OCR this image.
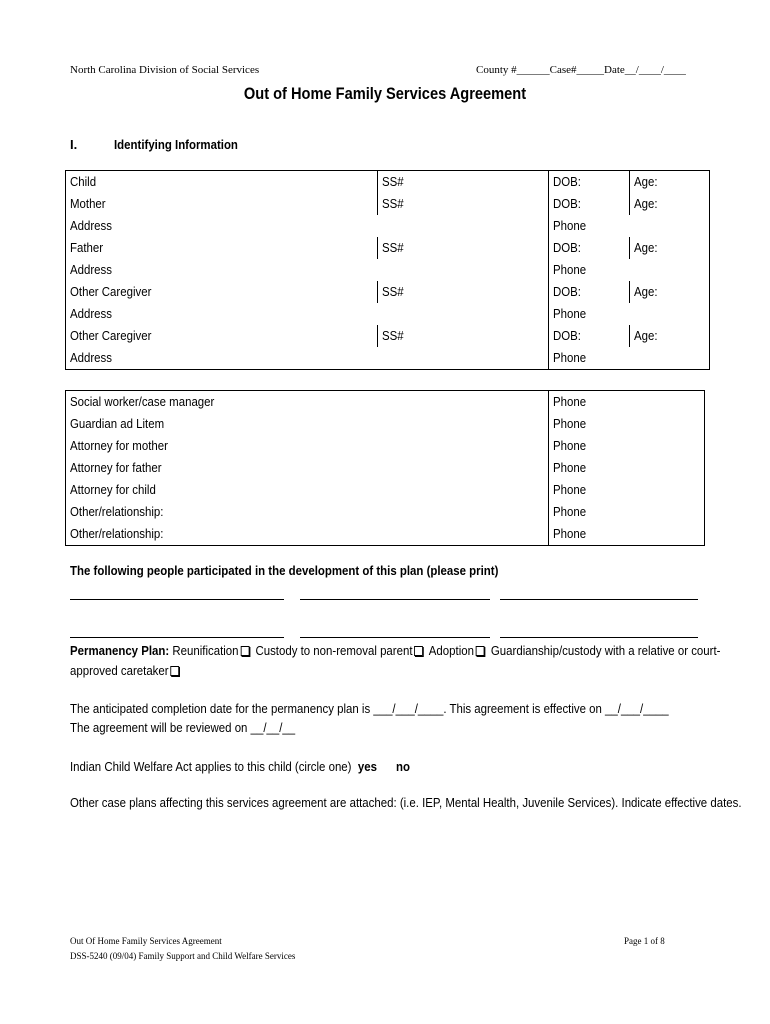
North Carolina Division of Social Services	County #______Case#_____Date__/____/____
Out of Home Family Services Agreement
I.	Identifying Information
Child	SS#	DOB:	Age:
Mother	SS#	DOB:	Age:
Address		Phone	
Father	SS#	DOB:	Age:
Address		Phone	
Other Caregiver	SS#	DOB:	Age:
Address		Phone	
Other Caregiver	SS#	DOB:	Age:
Address		Phone	
Social worker/case manager	Phone
Guardian ad Litem	Phone
Attorney for mother	Phone
Attorney for father	Phone
Attorney for child	Phone
Other/relationship:	Phone
Other/relationship:	Phone
The following people participated in the development of this plan (please print)
Permanency Plan: Reunification Custody to non-removal parent Adoption Guardianship/custody with a relative or court-
approved caretaker
The anticipated completion date for the permanency plan is ___/___/____. This agreement is effective on __/___/____
The agreement will be reviewed on __/__/__
Indian Child Welfare Act applies to this child (circle one) yes no
Other case plans affecting this services agreement are attached: (i.e. IEP, Mental Health, Juvenile Services). Indicate effective dates.
Out Of Home Family Services Agreement
DSS-5240 (09/04) Family Support and Child Welfare Services
Page 1 of 8
